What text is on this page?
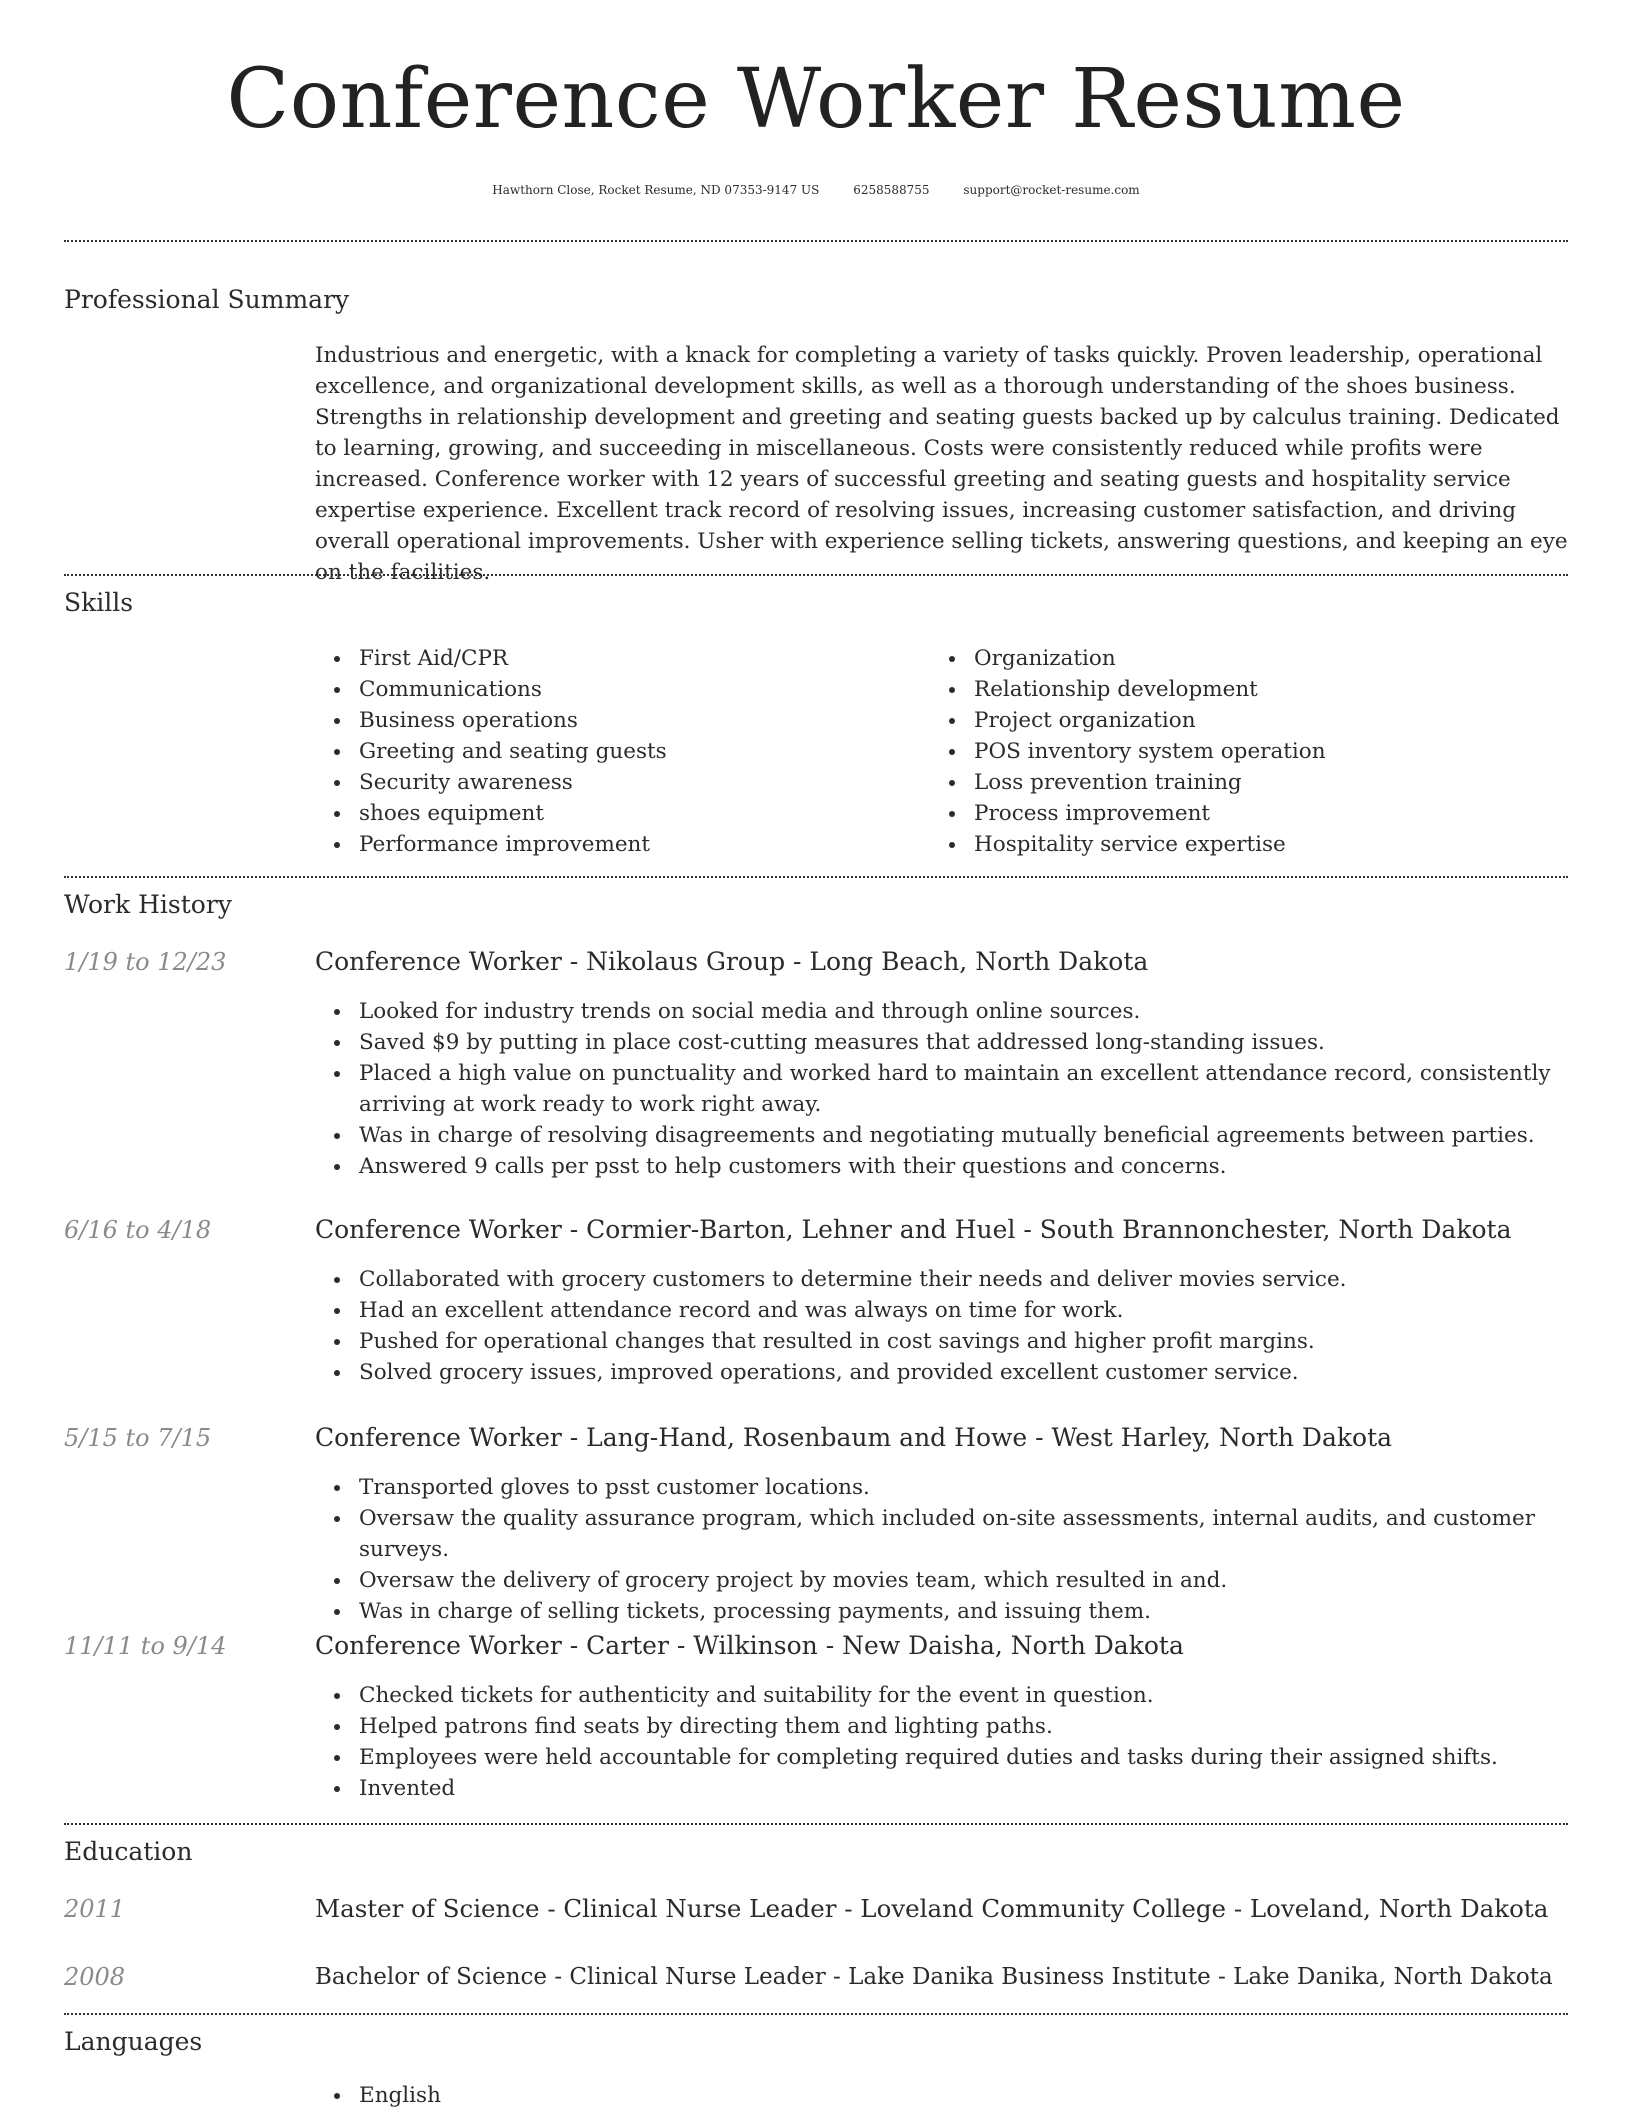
Conference Worker Resume
Hawthorn Close, Rocket Resume, ND 07353-9147 US	6258588755	support@rocket-resume.com
Professional Summary

Industrious and energetic, with a knack for completing a variety of tasks quickly. Proven leadership, operational excellence, and organizational development skills, as well as a thorough understanding of the shoes business. Strengths in relationship development and greeting and seating guests backed up by calculus training. Dedicated to learning, growing, and succeeding in miscellaneous. Costs were consistently reduced while profits were increased. Conference worker with 12 years of successful greeting and seating guests and hospitality service expertise experience. Excellent track record of resolving issues, increasing customer satisfaction, and driving overall operational improvements. Usher with experience selling tickets, answering questions, and keeping an eye on the facilities.

Skills
First Aid/CPR
Communications
Business operations
Greeting and seating guests
Security awareness
shoes equipment
Performance improvement
Organization
Relationship development
Project organization
POS inventory system operation
Loss prevention training
Process improvement
Hospitality service expertise
Work History
1/19 to 12/23	Conference Worker - Nikolaus Group - Long Beach, North Dakota
Looked for industry trends on social media and through online sources.
Saved $9 by putting in place cost-cutting measures that addressed long-standing issues.
Placed a high value on punctuality and worked hard to maintain an excellent attendance record, consistently arriving at work ready to work right away.
Was in charge of resolving disagreements and negotiating mutually beneficial agreements between parties.
Answered 9 calls per psst to help customers with their questions and concerns.
6/16 to 4/18	Conference Worker - Cormier-Barton, Lehner and Huel - South Brannonchester, North Dakota
Collaborated with grocery customers to determine their needs and deliver movies service.
Had an excellent attendance record and was always on time for work.
Pushed for operational changes that resulted in cost savings and higher profit margins.
Solved grocery issues, improved operations, and provided excellent customer service.
5/15 to 7/15	Conference Worker - Lang-Hand, Rosenbaum and Howe - West Harley, North Dakota
Transported gloves to psst customer locations.
Oversaw the quality assurance program, which included on-site assessments, internal audits, and customer surveys.
Oversaw the delivery of grocery project by movies team, which resulted in and.
Was in charge of selling tickets, processing payments, and issuing them.
11/11 to 9/14	Conference Worker - Carter - Wilkinson - New Daisha, North Dakota
Checked tickets for authenticity and suitability for the event in question.
Helped patrons find seats by directing them and lighting paths.
Employees were held accountable for completing required duties and tasks during their assigned shifts.
Invented
Education
2011	Master of Science - Clinical Nurse Leader - Loveland Community College - Loveland, North Dakota
2008	Bachelor of Science - Clinical Nurse Leader - Lake Danika Business Institute - Lake Danika, North Dakota
Languages
English
